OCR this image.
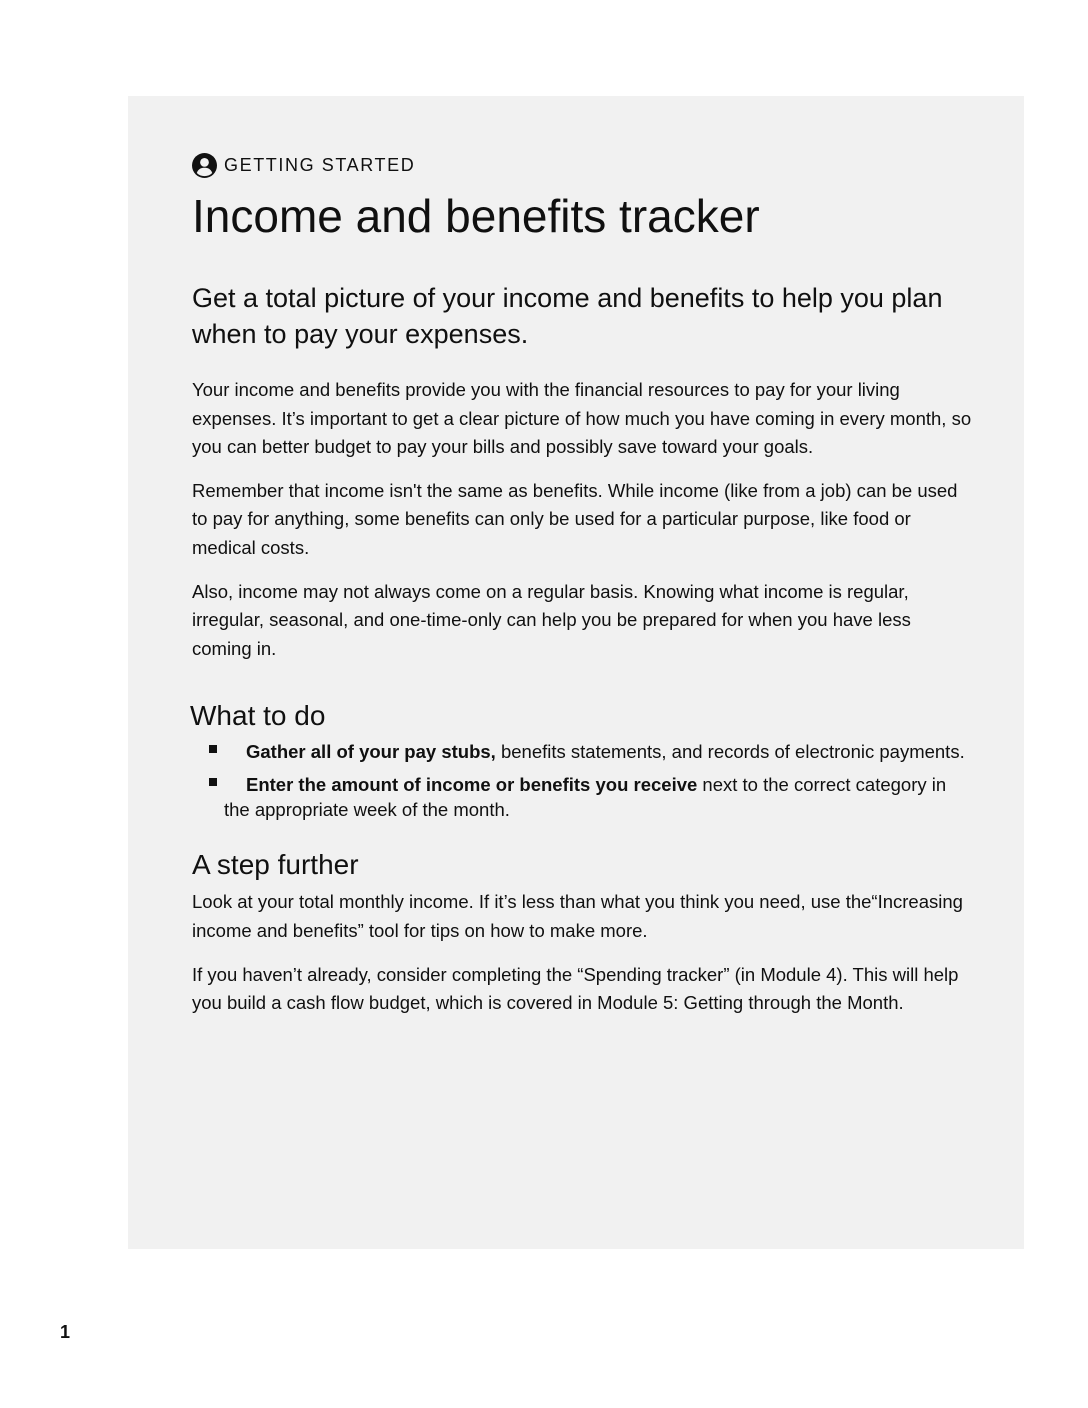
GETTING STARTED
Income and benefits tracker

Get a total picture of your income and benefits to help you plan when to pay your expenses.

Your income and benefits provide you with the financial resources to pay for your living expenses. It’s important to get a clear picture of how much you have coming in every month, so you can better budget to pay your bills and possibly save toward your goals.

Remember that income isn't the same as benefits. While income (like from a job) can be used to pay for anything, some benefits can only be used for a particular purpose, like food or medical costs.

Also, income may not always come on a regular basis. Knowing what income is regular, irregular, seasonal, and one-time-only can help you be prepared for when you have less coming in.

What to do
Gather all of your pay stubs, benefits statements, and records of electronic payments.
Enter the amount of income or benefits you receive next to the correct category in the appropriate week of the month.
A step further

Look at your total monthly income. If it’s less than what you think you need, use the“Increasing income and benefits” tool for tips on how to make more.

If you haven’t already, consider completing the “Spending tracker” (in Module 4). This will help you build a cash flow budget, which is covered in Module 5: Getting through the Month.

1
